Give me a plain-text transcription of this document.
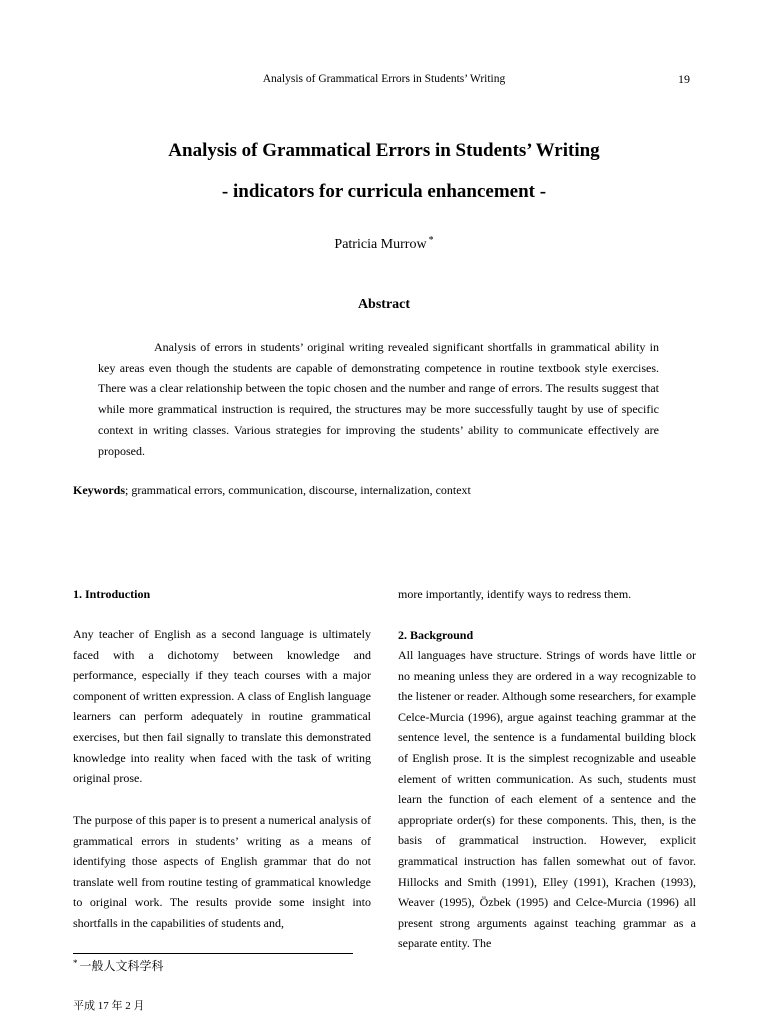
Analysis of Grammatical Errors in Students’ Writing	19
Analysis of Grammatical Errors in Students’ Writing
- indicators for curricula enhancement -
Patricia Murrow *
Abstract
Analysis of errors in students’ original writing revealed significant shortfalls in grammatical ability in key areas even though the students are capable of demonstrating competence in routine textbook style exercises. There was a clear relationship between the topic chosen and the number and range of errors. The results suggest that while more grammatical instruction is required, the structures may be more successfully taught by use of specific context in writing classes. Various strategies for improving the students’ ability to communicate effectively are proposed.
Keywords; grammatical errors, communication, discourse, internalization, context
1. Introduction

Any teacher of English as a second language is ultimately faced with a dichotomy between knowledge and performance, especially if they teach courses with a major component of written expression. A class of English language learners can perform adequately in routine grammatical exercises, but then fail signally to translate this demonstrated knowledge into reality when faced with the task of writing original prose.

The purpose of this paper is to present a numerical analysis of grammatical errors in students’ writing as a means of identifying those aspects of English grammar that do not translate well from routine testing of grammatical knowledge to original work. The results provide some insight into shortfalls in the capabilities of students and,

more importantly, identify ways to redress them.

2. Background

All languages have structure. Strings of words have little or no meaning unless they are ordered in a way recognizable to the listener or reader. Although some researchers, for example Celce-Murcia (1996), argue against teaching grammar at the sentence level, the sentence is a fundamental building block of English prose. It is the simplest recognizable and useable element of written communication. As such, students must learn the function of each element of a sentence and the appropriate order(s) for these components. This, then, is the basis of grammatical instruction. However, explicit grammatical instruction has fallen somewhat out of favor. Hillocks and Smith (1991), Elley (1991), Krachen (1993), Weaver (1995), Özbek (1995) and Celce-Murcia (1996) all present strong arguments against teaching grammar as a separate entity. The

* 一般人文科学科
平成 17 年 2 月
